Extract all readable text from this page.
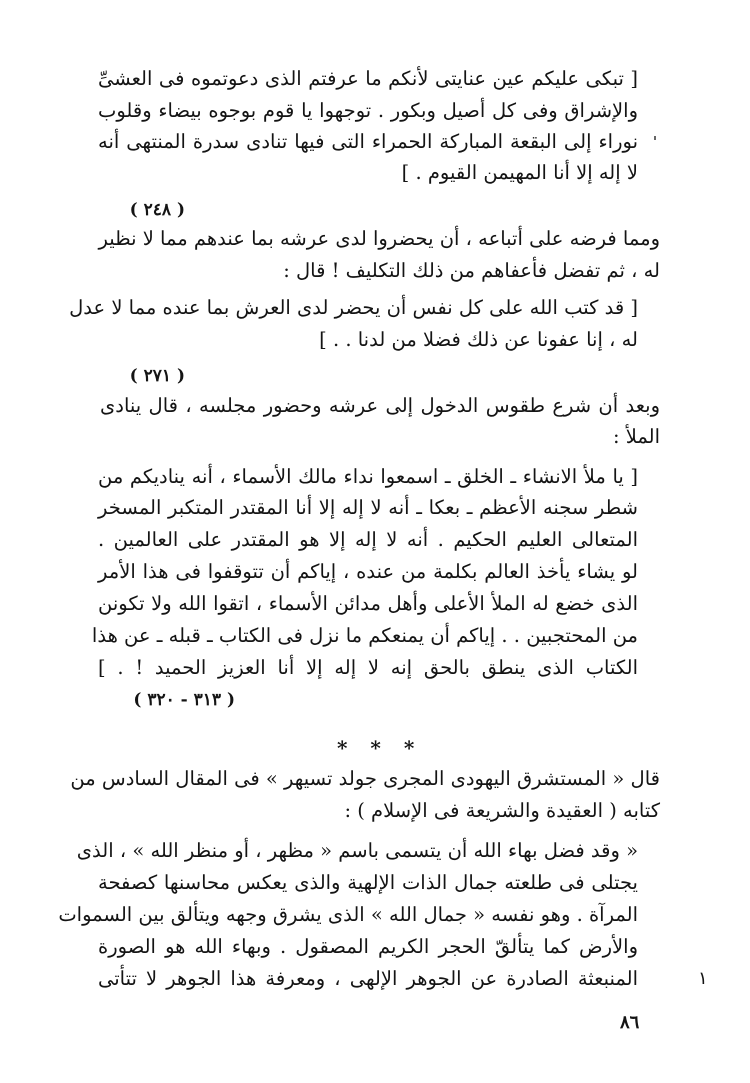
[ تبكى عليكم عين عنايتى لأنكم ما عرفتم الذى دعوتموه فى العشىِّ
والإشراق وفى كل أصيل وبكور . توجهوا يا قوم بوجوه بيضاء وقلوب
نوراء إلى البقعة المباركة الحمراء التى فيها تنادى سدرة المنتهى أنه
لا إله إلا أنا المهيمن القيوم . ]
( ٢٤٨ )
ومما فرضه على أتباعه ، أن يحضروا لدى عرشه بما عندهم مما لا نظير
له ، ثم تفضل فأعفاهم من ذلك التكليف ! قال :
[ قد كتب الله على كل نفس أن يحضر لدى العرش بما عنده مما لا عدل
له ، إنا عفونا عن ذلك فضلا من لدنا . . ]
( ٢٧١ )
وبعد أن شرع طقوس الدخول إلى عرشه وحضور مجلسه ، قال ينادى
الملأ :
[ يا ملأ الانشاء ـ الخلق ـ اسمعوا نداء مالك الأسماء ، أنه يناديكم من
شطر سجنه الأعظم ـ بعكا ـ أنه لا إله إلا أنا المقتدر المتكبر المسخر
المتعالى العليم الحكيم . أنه لا إله إلا هو المقتدر على العالمين .
لو يشاء يأخذ العالم بكلمة من عنده ، إياكم أن تتوقفوا فى هذا الأمر
الذى خضع له الملأ الأعلى وأهل مدائن الأسماء ، اتقوا الله ولا تكونن
من المحتجبين . . إياكم أن يمنعكم ما نزل فى الكتاب ـ قبله ـ عن هذا
الكتاب الذى ينطق بالحق إنه لا إله إلا أنا العزيز الحميد ! . ]
( ٣١٣ - ٣٢٠ )
* * *
قال « المستشرق اليهودى المجرى جولد تسيهر » فى المقال السادس من
كتابه ( العقيدة والشريعة فى الإسلام ) :
« وقد فضل بهاء الله أن يتسمى باسم « مظهر ، أو منظر الله » ، الذى
يجتلى فى طلعته جمال الذات الإلهية والذى يعكس محاسنها كصفحة
المرآة . وهو نفسه « جمال الله » الذى يشرق وجهه ويتألق بين السموات
والأرض كما يتألقّ الحجر الكريم المصقول . وبهاء الله هو الصورة
المنبعثة الصادرة عن الجوهر الإلهى ، ومعرفة هذا الجوهر لا تتأتى	١
٨٦
